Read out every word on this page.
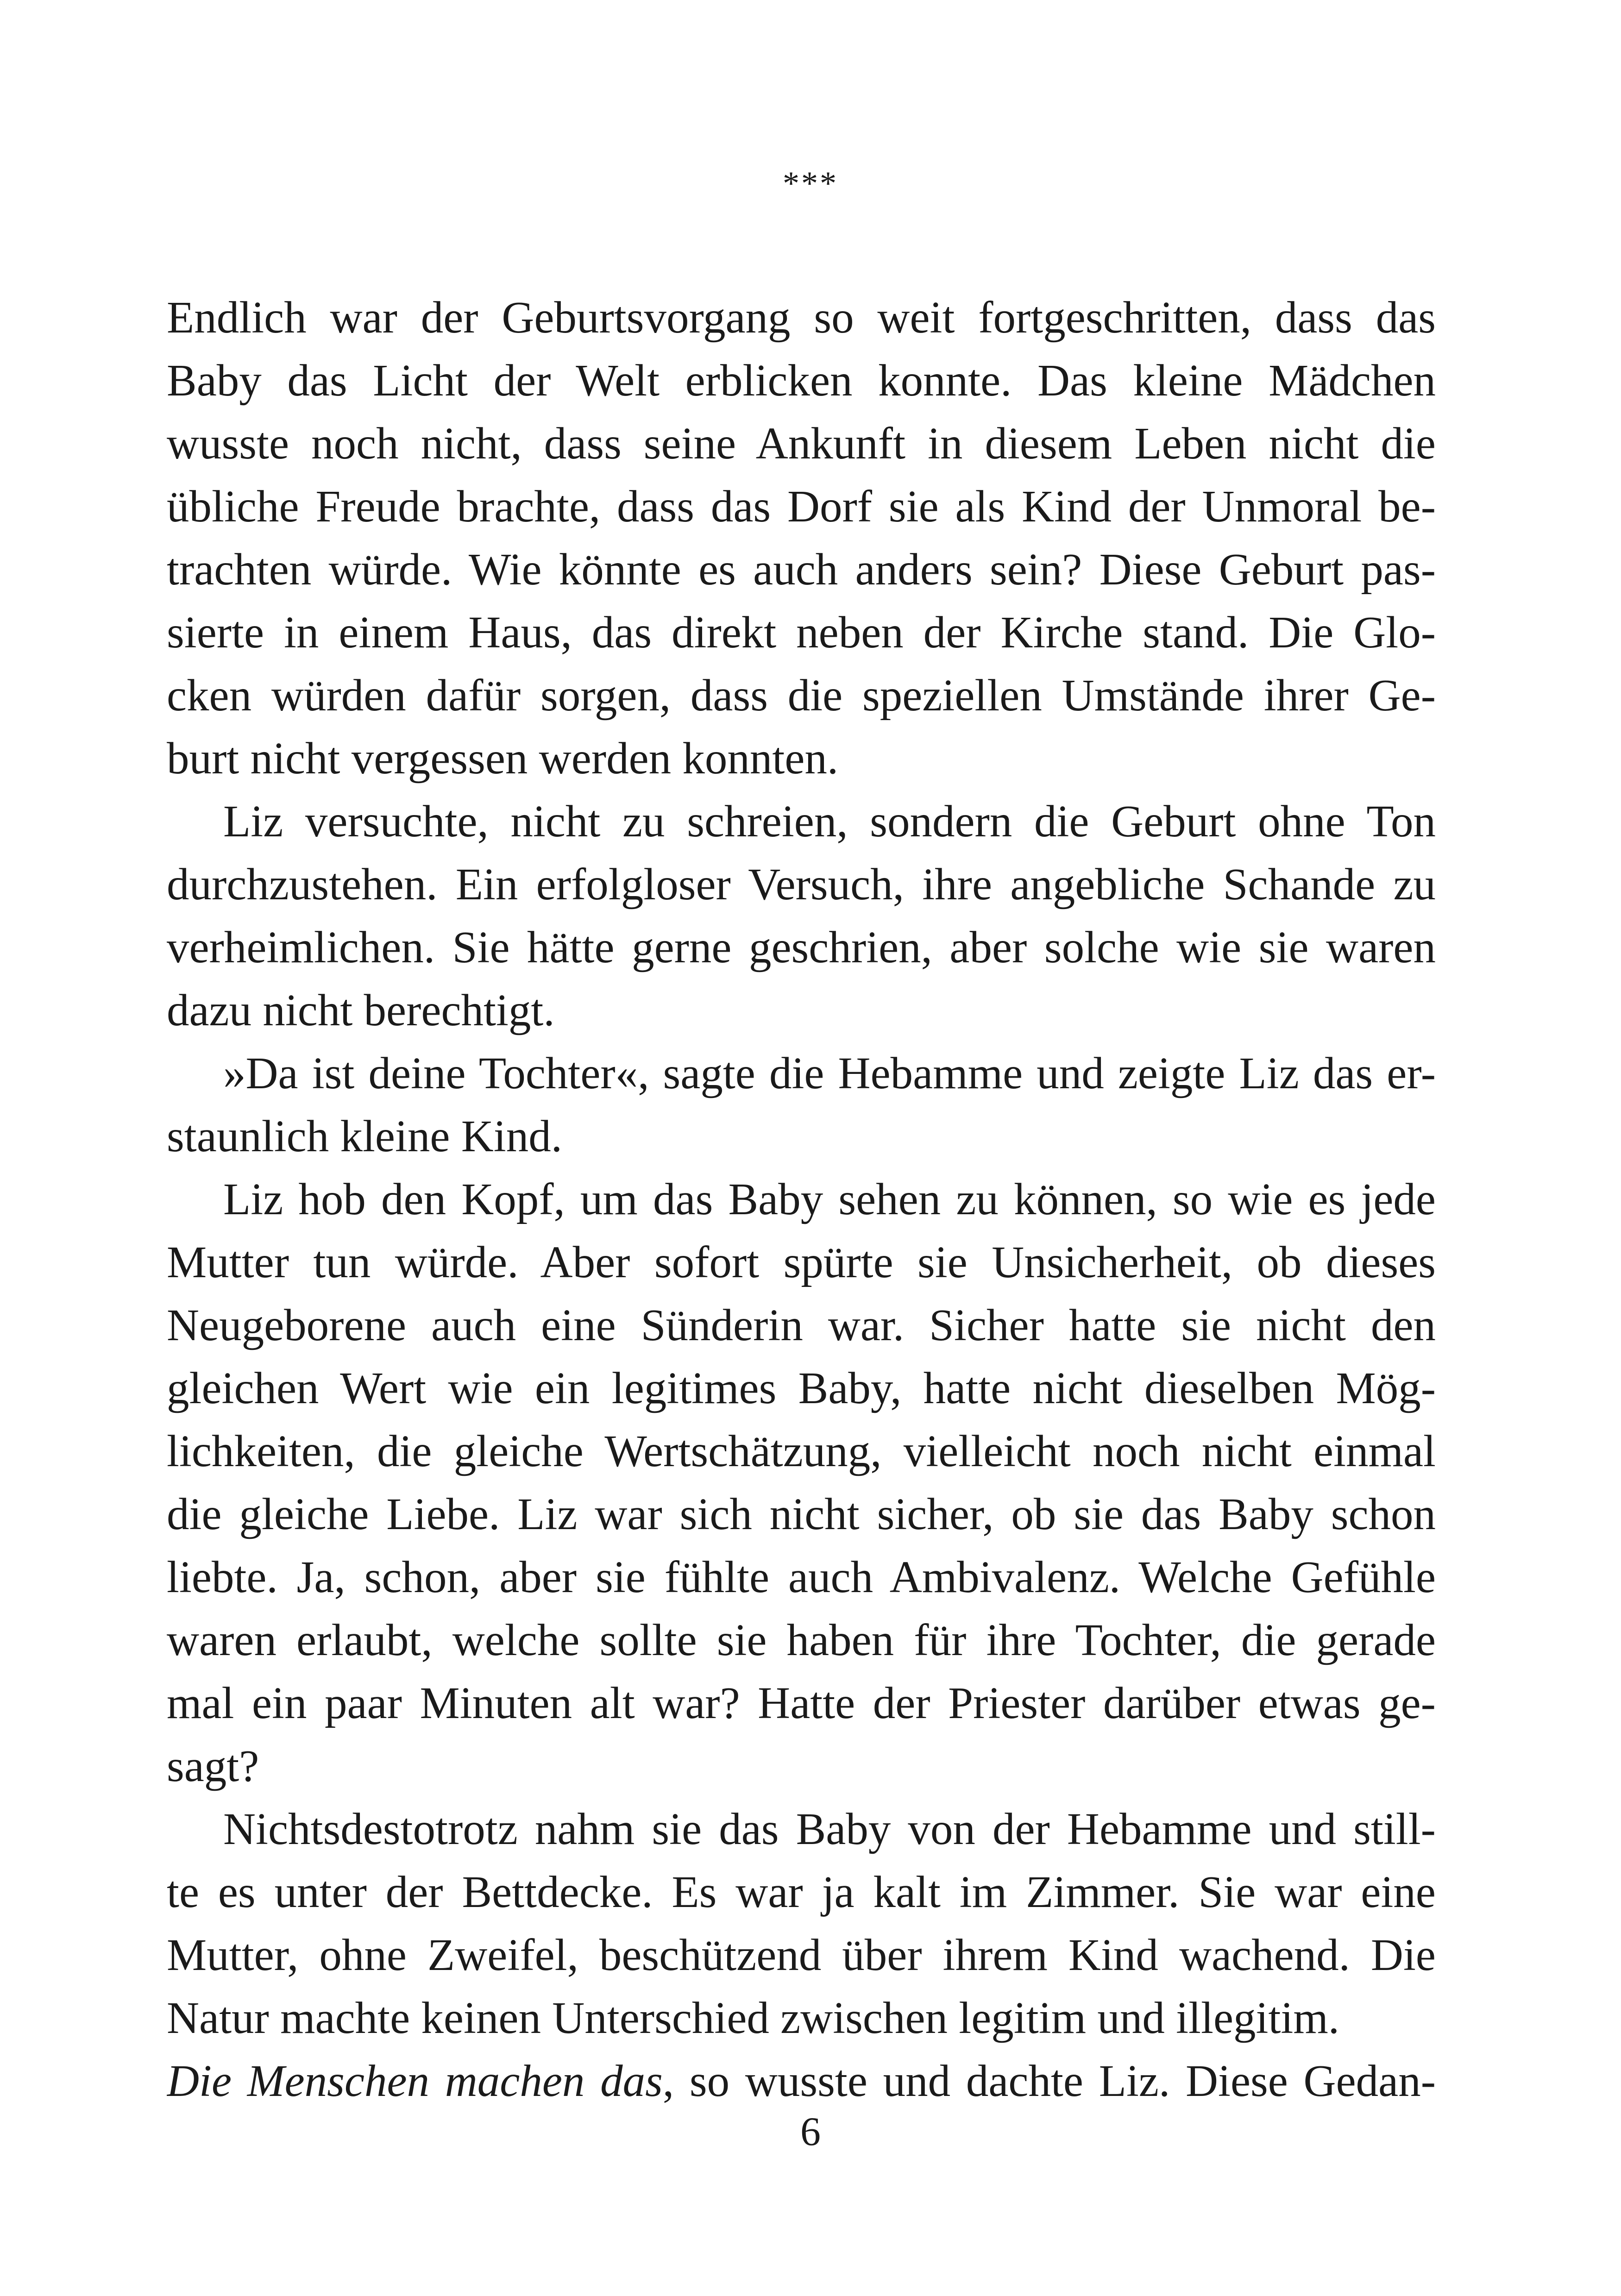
***
Endlich war der Geburtsvorgang so weit fortgeschritten, dass das
Baby das Licht der Welt erblicken konnte. Das kleine Mädchen
wusste noch nicht, dass seine Ankunft in diesem Leben nicht die
übliche Freude brachte, dass das Dorf sie als Kind der Unmoral be-
trachten würde. Wie könnte es auch anders sein? Diese Geburt pas-
sierte in einem Haus, das direkt neben der Kirche stand. Die Glo-
cken würden dafür sorgen, dass die speziellen Umstände ihrer Ge-
burt nicht vergessen werden konnten.
Liz versuchte, nicht zu schreien, sondern die Geburt ohne Ton
durchzustehen. Ein erfolgloser Versuch, ihre angebliche Schande zu
verheimlichen. Sie hätte gerne geschrien, aber solche wie sie waren
dazu nicht berechtigt.
»Da ist deine Tochter«, sagte die Hebamme und zeigte Liz das er-
staunlich kleine Kind.
Liz hob den Kopf, um das Baby sehen zu können, so wie es jede
Mutter tun würde. Aber sofort spürte sie Unsicherheit, ob dieses
Neugeborene auch eine Sünderin war. Sicher hatte sie nicht den
gleichen Wert wie ein legitimes Baby, hatte nicht dieselben Mög-
lichkeiten, die gleiche Wertschätzung, vielleicht noch nicht einmal
die gleiche Liebe. Liz war sich nicht sicher, ob sie das Baby schon
liebte. Ja, schon, aber sie fühlte auch Ambivalenz. Welche Gefühle
waren erlaubt, welche sollte sie haben für ihre Tochter, die gerade
mal ein paar Minuten alt war? Hatte der Priester darüber etwas ge-
sagt?
Nichtsdestotrotz nahm sie das Baby von der Hebamme und still-
te es unter der Bettdecke. Es war ja kalt im Zimmer. Sie war eine
Mutter, ohne Zweifel, beschützend über ihrem Kind wachend. Die
Natur machte keinen Unterschied zwischen legitim und illegitim.
Die Menschen machen das, so wusste und dachte Liz. Diese Gedan-
6
